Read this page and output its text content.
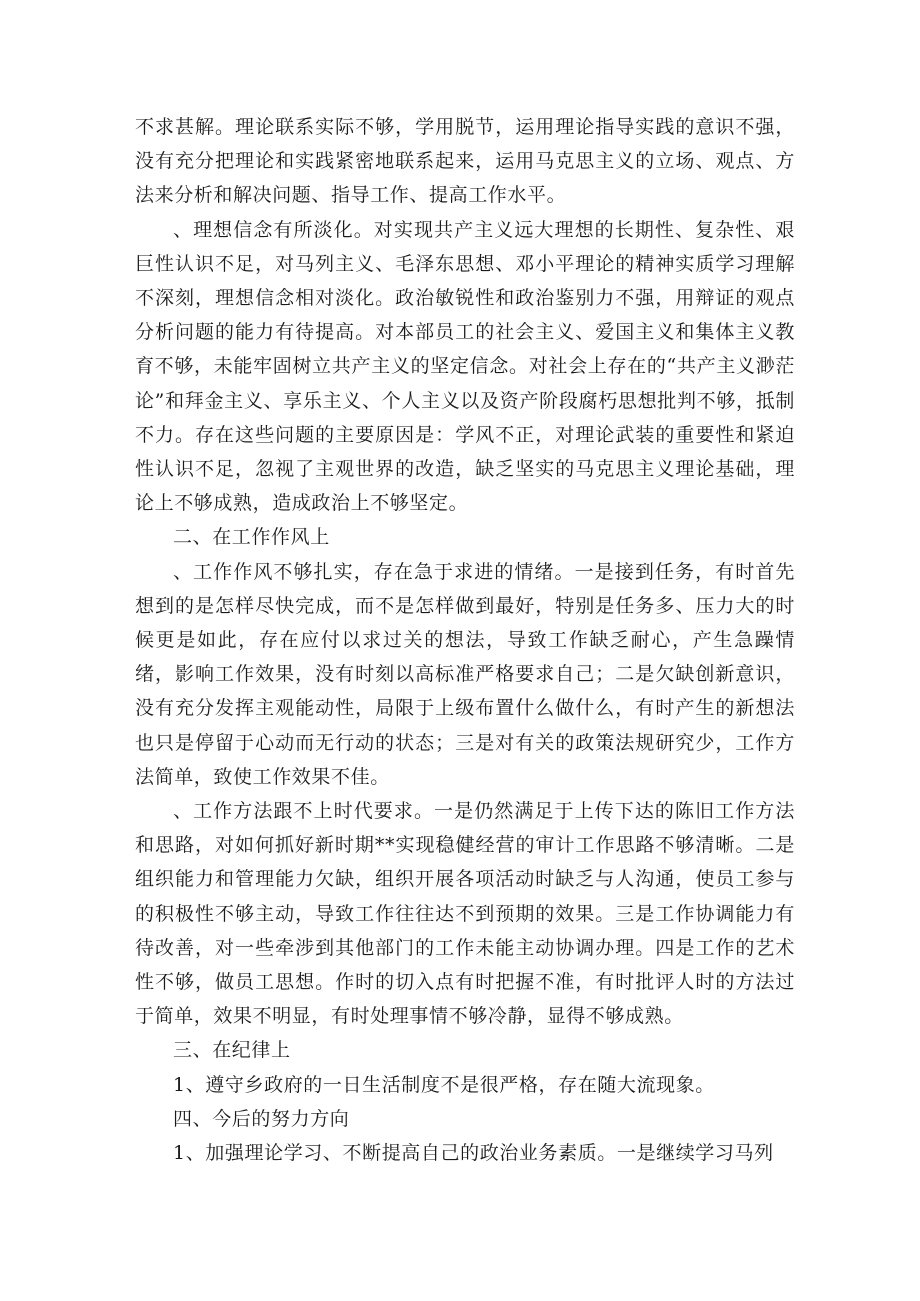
不求甚解。理论联系实际不够，学用脱节，运用理论指导实践的意识不强，没有充分把理论和实践紧密地联系起来，运用马克思主义的立场、观点、方法来分析和解决问题、指导工作、提高工作水平。

、理想信念有所淡化。对实现共产主义远大理想的长期性、复杂性、艰巨性认识不足，对马列主义、毛泽东思想、邓小平理论的精神实质学习理解不深刻，理想信念相对淡化。政治敏锐性和政治鉴别力不强，用辩证的观点分析问题的能力有待提高。对本部员工的社会主义、爱国主义和集体主义教育不够，未能牢固树立共产主义的坚定信念。对社会上存在的“共产主义渺茫论”和拜金主义、享乐主义、个人主义以及资产阶段腐朽思想批判不够，抵制不力。存在这些问题的主要原因是：学风不正，对理论武装的重要性和紧迫性认识不足，忽视了主观世界的改造，缺乏坚实的马克思主义理论基础，理论上不够成熟，造成政治上不够坚定。

二、在工作作风上

、工作作风不够扎实，存在急于求进的情绪。一是接到任务，有时首先想到的是怎样尽快完成，而不是怎样做到最好，特别是任务多、压力大的时候更是如此，存在应付以求过关的想法，导致工作缺乏耐心，产生急躁情绪，影响工作效果，没有时刻以高标准严格要求自己；二是欠缺创新意识，没有充分发挥主观能动性，局限于上级布置什么做什么，有时产生的新想法也只是停留于心动而无行动的状态；三是对有关的政策法规研究少，工作方法简单，致使工作效果不佳。

、工作方法跟不上时代要求。一是仍然满足于上传下达的陈旧工作方法和思路，对如何抓好新时期**实现稳健经营的审计工作思路不够清晰。二是组织能力和管理能力欠缺，组织开展各项活动时缺乏与人沟通，使员工参与的积极性不够主动，导致工作往往达不到预期的效果。三是工作协调能力有待改善，对一些牵涉到其他部门的工作未能主动协调办理。四是工作的艺术性不够，做员工思想。作时的切入点有时把握不准，有时批评人时的方法过于简单，效果不明显，有时处理事情不够冷静，显得不够成熟。

三、在纪律上

1、遵守乡政府的一日生活制度不是很严格，存在随大流现象。

四、今后的努力方向

1、加强理论学习、不断提高自己的政治业务素质。一是继续学习马列
